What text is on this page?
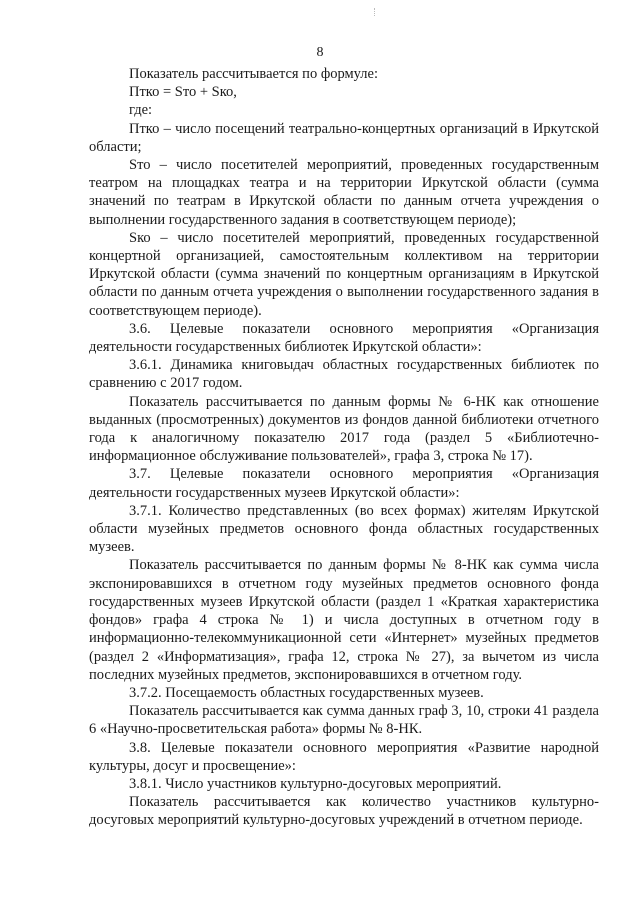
8

Показатель рассчитывается по формуле:

Птко = Sто + Sко,

где:

Птко – число посещений театрально-концертных организаций в Иркутской области;

Sто – число посетителей мероприятий, проведенных государственным театром на площадках театра и на территории Иркутской области (сумма значений по театрам в Иркутской области по данным отчета учреждения о выполнении государственного задания в соответствующем периоде);

Sко – число посетителей мероприятий, проведенных государственной концертной организацией, самостоятельным коллективом на территории Иркутской области (сумма значений по концертным организациям в Иркутской области по данным отчета учреждения о выполнении государственного задания в соответствующем периоде).

3.6. Целевые показатели основного мероприятия «Организация деятельности государственных библиотек Иркутской области»:

3.6.1. Динамика книговыдач областных государственных библиотек по сравнению с 2017 годом.

Показатель рассчитывается по данным формы № 6-НК как отношение выданных (просмотренных) документов из фондов данной библиотеки отчетного года к аналогичному показателю 2017 года (раздел 5 «Библиотечно-информационное обслуживание пользователей», графа 3, строка № 17).

3.7. Целевые показатели основного мероприятия «Организация деятельности государственных музеев Иркутской области»:

3.7.1. Количество представленных (во всех формах) жителям Иркутской области музейных предметов основного фонда областных государственных музеев.

Показатель рассчитывается по данным формы № 8-НК как сумма числа экспонировавшихся в отчетном году музейных предметов основного фонда государственных музеев Иркутской области (раздел 1 «Краткая характеристика фондов» графа 4 строка № 1) и числа доступных в отчетном году в информационно-телекоммуникационной сети «Интернет» музейных предметов (раздел 2 «Информатизация», графа 12, строка № 27), за вычетом из числа последних музейных предметов, экспонировавшихся в отчетном году.

3.7.2. Посещаемость областных государственных музеев.

Показатель рассчитывается как сумма данных граф 3, 10, строки 41 раздела 6 «Научно-просветительская работа» формы № 8-НК.

3.8. Целевые показатели основного мероприятия «Развитие народной культуры, досуг и просвещение»:

3.8.1. Число участников культурно-досуговых мероприятий.

Показатель рассчитывается как количество участников культурно-досуговых мероприятий культурно-досуговых учреждений в отчетном периоде.
